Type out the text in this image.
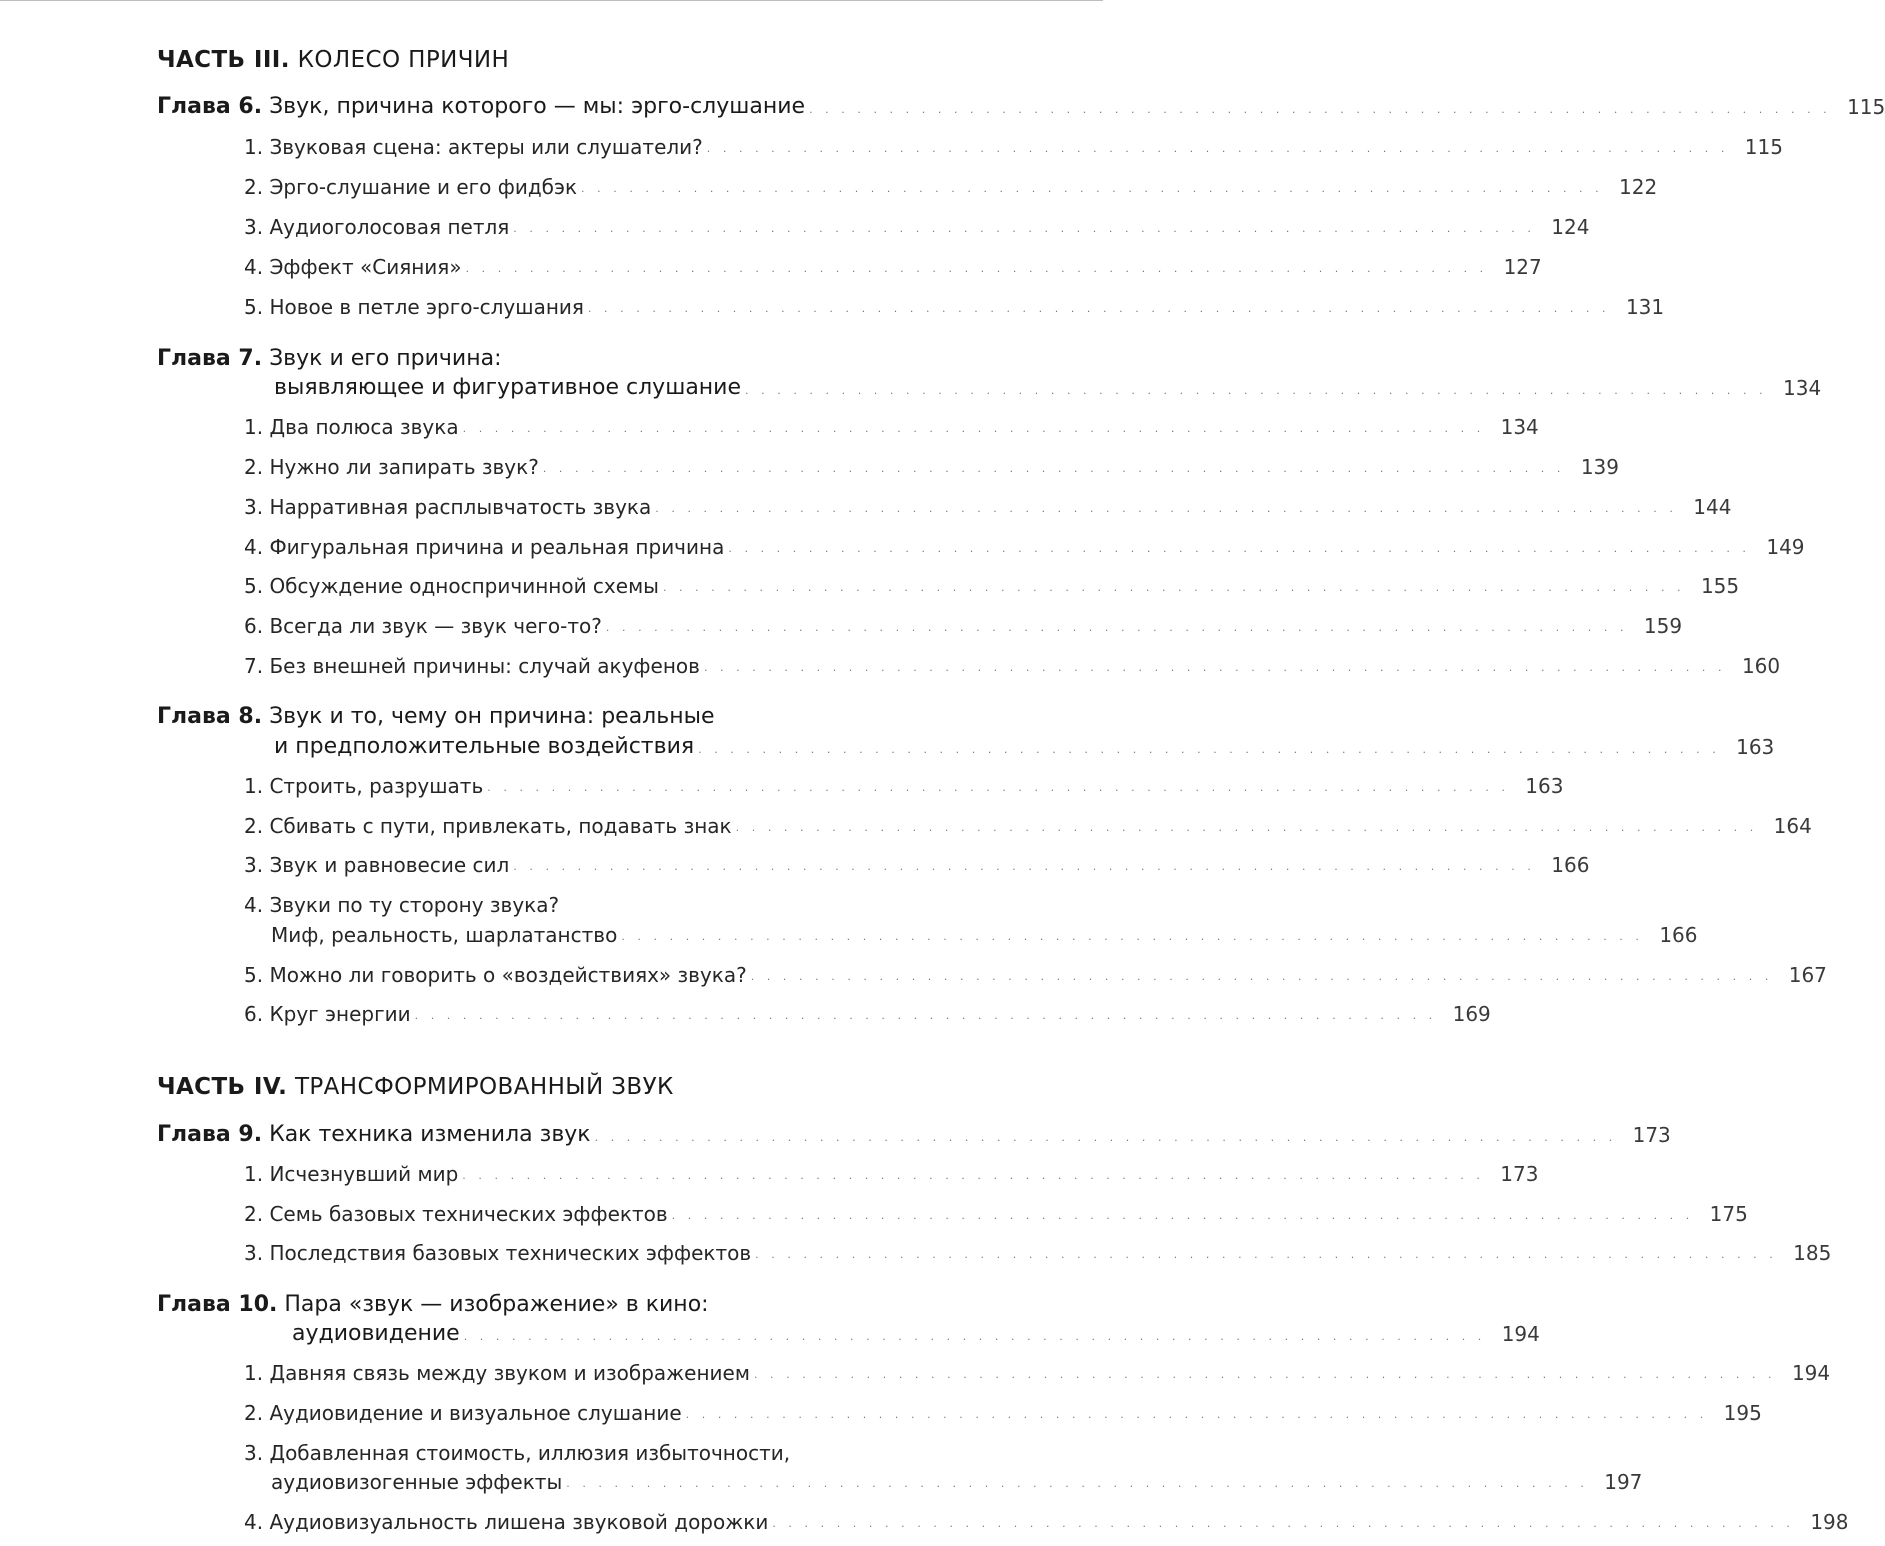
ЧАСТЬ III. КОЛЕСО ПРИЧИН
Глава 6. Звук, причина которого — мы: эрго-слушание ................................................................ 115
1. Звуковая сцена: актеры или слушатели? ................................................................ 115
2. Эрго-слушание и его фидбэк ................................................................ 122
3. Аудиоголосовая петля ................................................................ 124
4. Эффект «Сияния» ................................................................ 127
5. Новое в петле эрго-слушания ................................................................ 131
Глава 7. Звук и его причина:
выявляющее и фигуративное слушание ................................................................ 134
1. Два полюса звука ................................................................ 134
2. Нужно ли запирать звук? ................................................................ 139
3. Нарративная расплывчатость звука ................................................................ 144
4. Фигуральная причина и реальная причина ................................................................ 149
5. Обсуждение односпричинной схемы ................................................................ 155
6. Всегда ли звук — звук чего-то? ................................................................ 159
7. Без внешней причины: случай акуфенов ................................................................ 160
Глава 8. Звук и то, чему он причина: реальные
и предположительные воздействия ................................................................ 163
1. Строить, разрушать ................................................................ 163
2. Сбивать с пути, привлекать, подавать знак ................................................................ 164
3. Звук и равновесие сил ................................................................ 166
4. Звуки по ту сторону звука?
Миф, реальность, шарлатанство ................................................................ 166
5. Можно ли говорить о «воздействиях» звука? ................................................................ 167
6. Круг энергии ................................................................ 169
ЧАСТЬ IV. ТРАНСФОРМИРОВАННЫЙ ЗВУК
Глава 9. Как техника изменила звук ................................................................ 173
1. Исчезнувший мир ................................................................ 173
2. Семь базовых технических эффектов ................................................................ 175
3. Последствия базовых технических эффектов ................................................................ 185
Глава 10. Пара «звук — изображение» в кино:
аудиовидение ................................................................ 194
1. Давняя связь между звуком и изображением ................................................................ 194
2. Аудиовидение и визуальное слушание ................................................................ 195
3. Добавленная стоимость, иллюзия избыточности,
аудиовизогенные эффекты ................................................................ 197
4. Аудиовизуальность лишена звуковой дорожки ................................................................ 198
